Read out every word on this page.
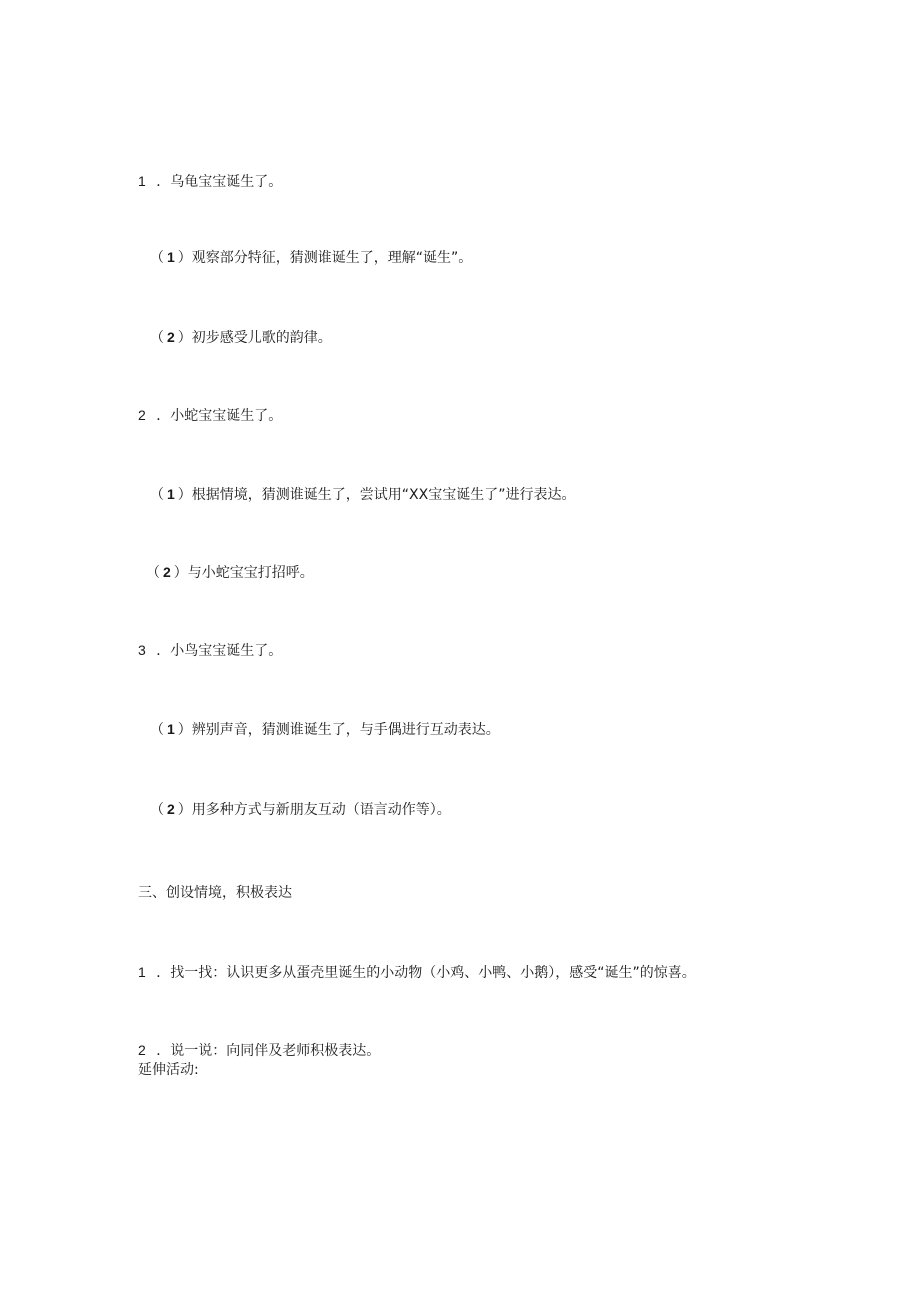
1 ．乌龟宝宝诞生了。
（ 1 ）观察部分特征，猜测谁诞生了，理解“诞生”。
（ 2 ）初步感受儿歌的韵律。
2 ．小蛇宝宝诞生了。
（ 1 ）根据情境，猜测谁诞生了，尝试用“XX宝宝诞生了”进行表达。
（ 2 ）与小蛇宝宝打招呼。
3 ．小鸟宝宝诞生了。
（ 1 ）辨别声音，猜测谁诞生了，与手偶进行互动表达。
（ 2 ）用多种方式与新朋友互动（语言动作等）。
三、创设情境，积极表达
1 ．找一找：认识更多从蛋壳里诞生的小动物（小鸡、小鸭、小鹅），感受“诞生”的惊喜。
2 ．说一说：向同伴及老师积极表达。
延伸活动:
